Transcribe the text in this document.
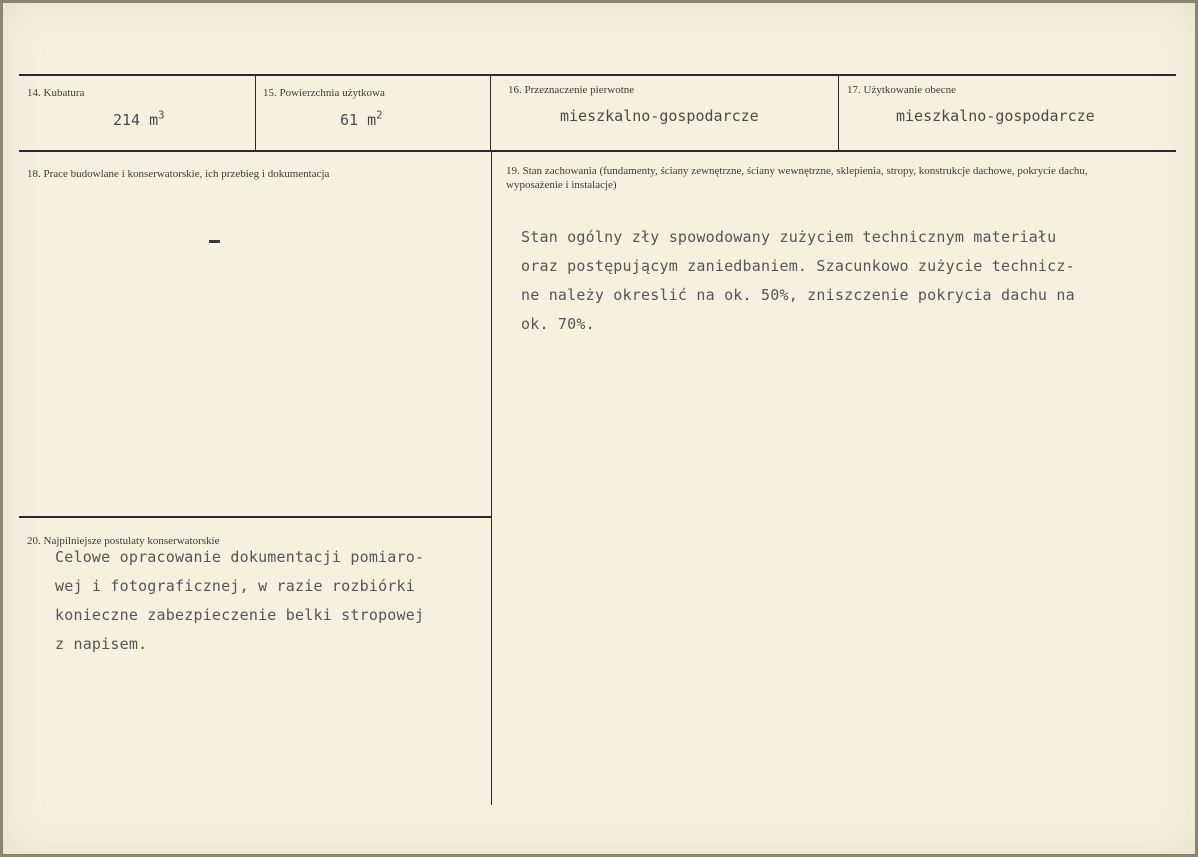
14. Kubatura
214 $m^3$
15. Powierzchnia użytkowa
61 $m^2$
16. Przeznaczenie pierwotne
mieszkalno-gospodarcze
17. Użytkowanie obecne
mieszkalno-gospodarcze
18. Prace budowlane i konserwatorskie, ich przebieg i dokumentacja	19. Stan zachowania (fundamenty, ściany zewnętrzne, ściany wewnętrzne, sklepienia, stropy, konstrukcje dachowe, pokrycie dachu, wyposażenie i instalacje)
Stan ogólny zły spowodowany zużyciem technicznym materiału
oraz postępującym zaniedbaniem. Szacunkowo zużycie technicz-
ne należy okreslić na ok. 50%, zniszczenie pokrycia dachu na
ok. 70%.
20. Najpilniejsze postulaty konserwatorskie
Celowe opracowanie dokumentacji pomiaro-
wej i fotograficznej, w razie rozbiórki
konieczne zabezpieczenie belki stropowej
z napisem.
